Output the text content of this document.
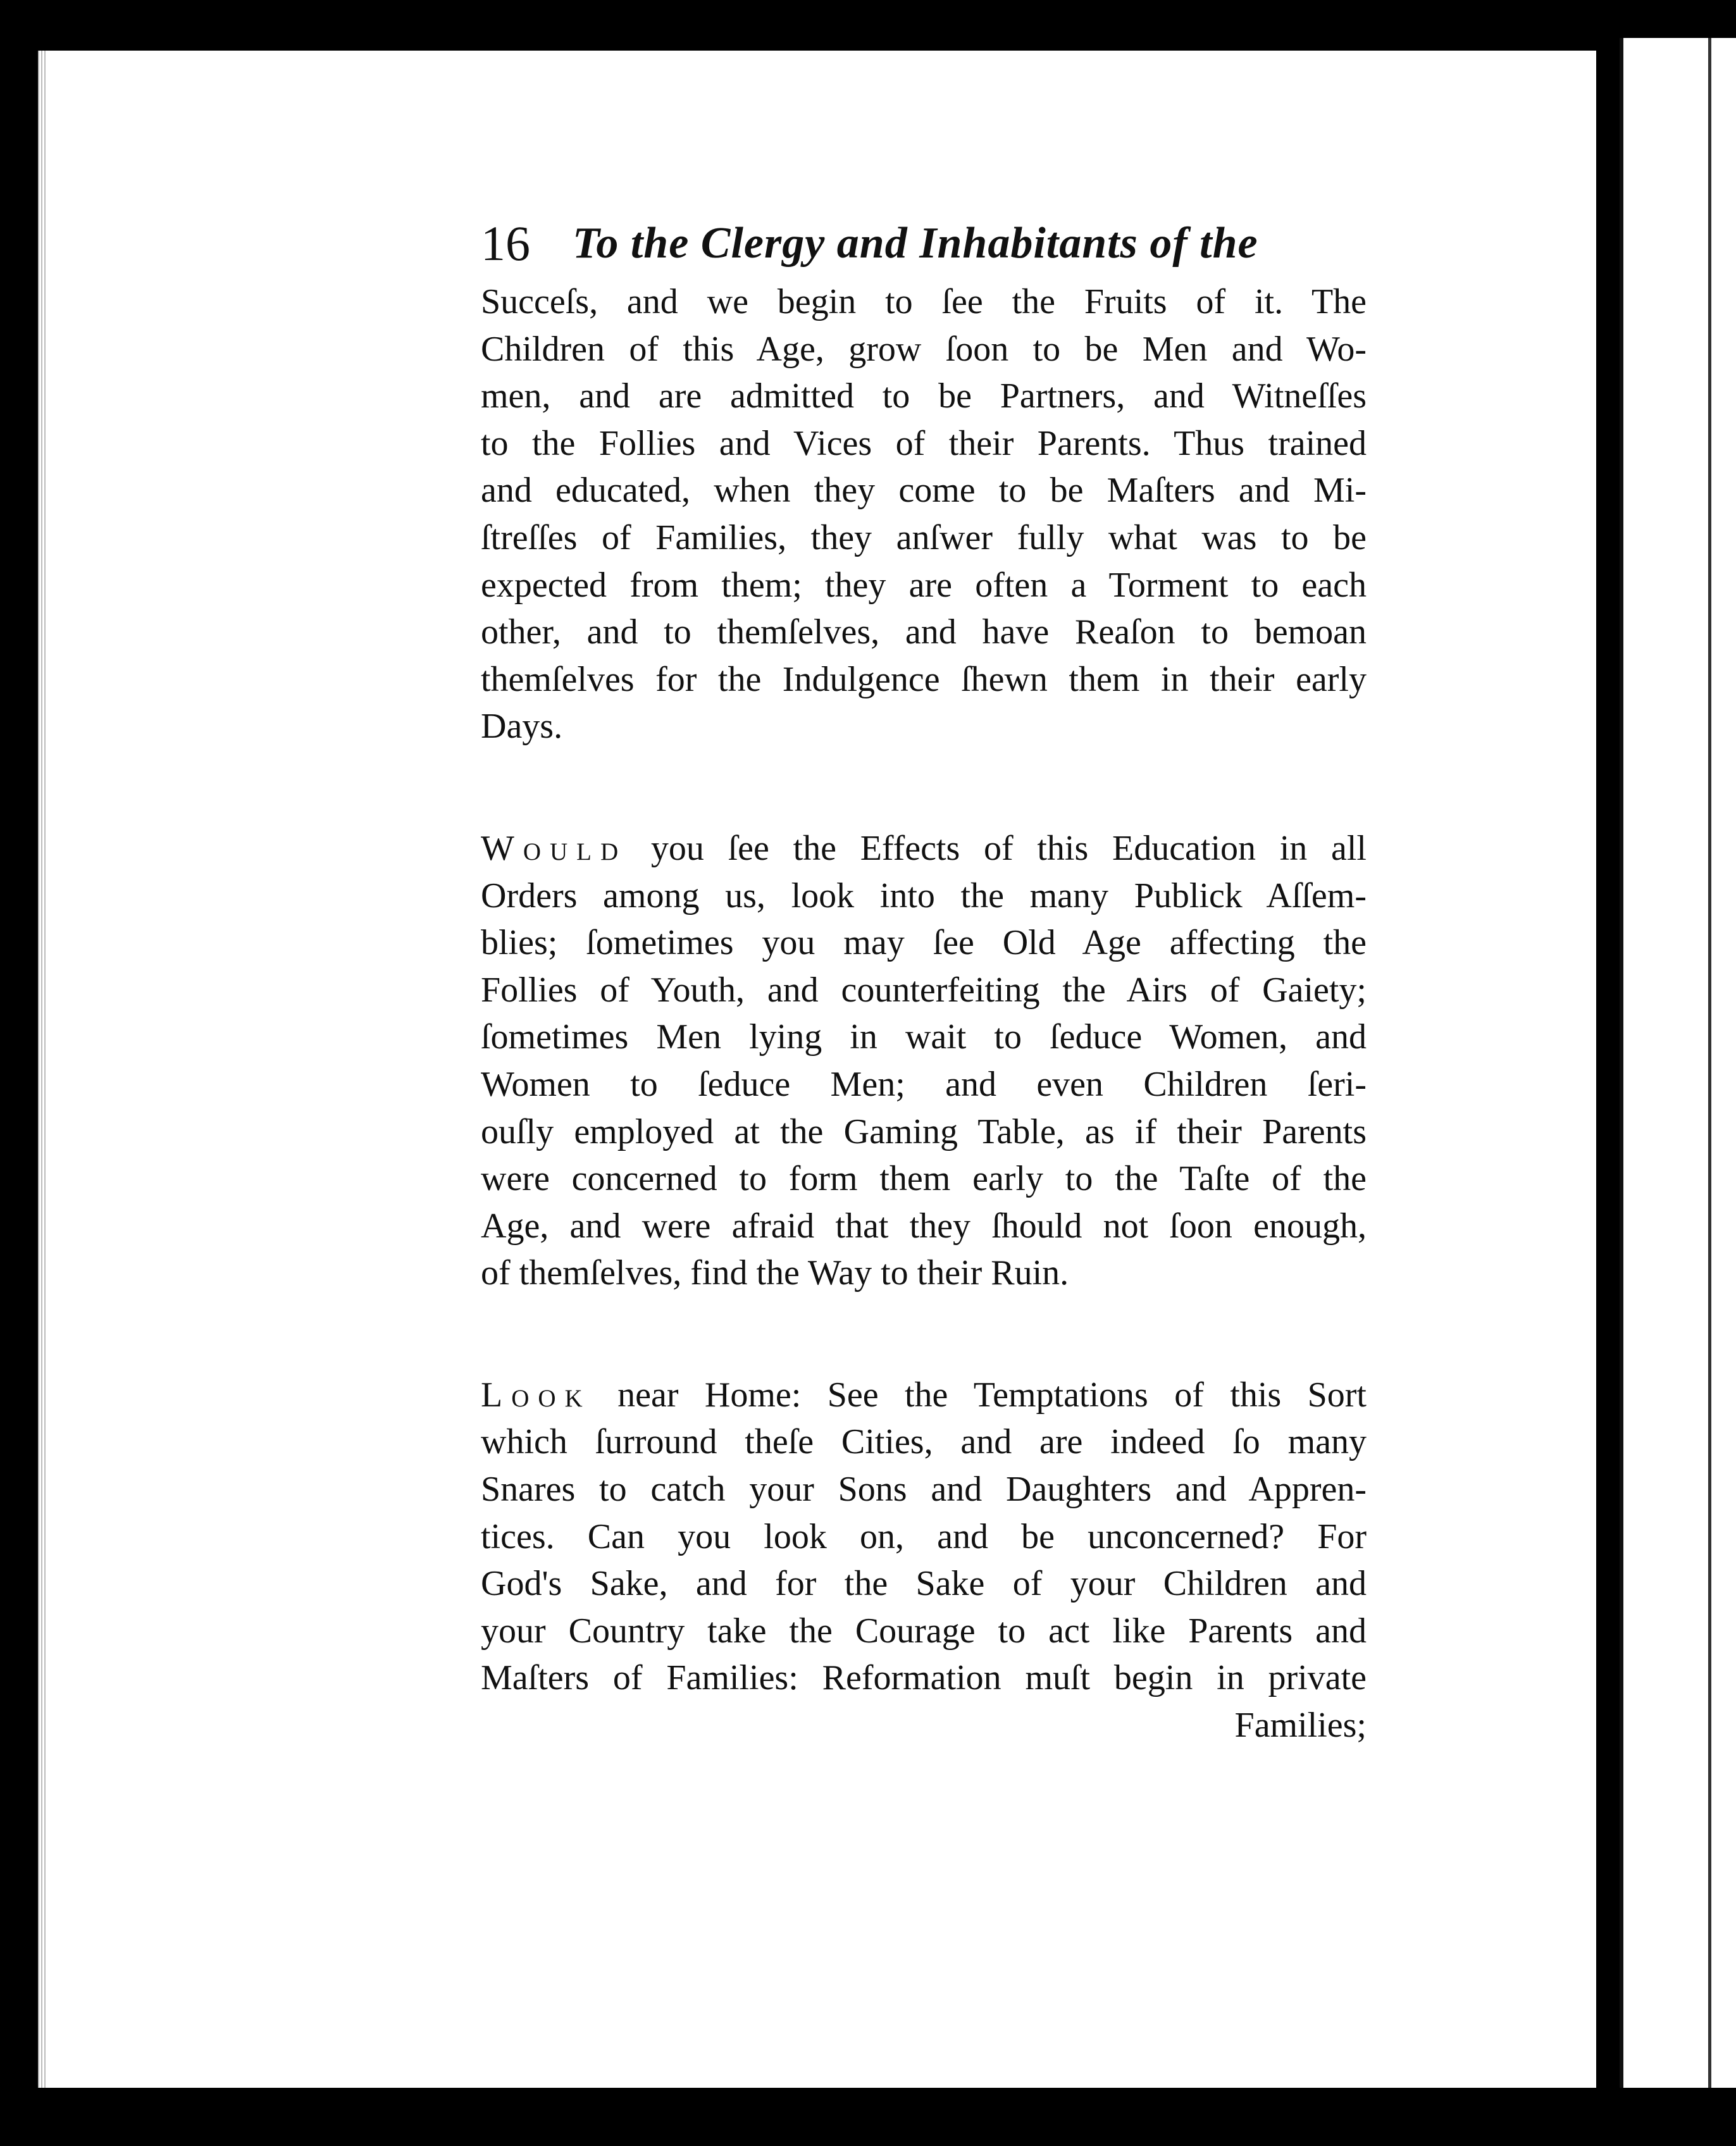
16 To the Clergy and Inhabitants of the
Succeſs, and we begin to ſee the Fruits of it. The
Children of this Age, grow ſoon to be Men and Wo-
men, and are admitted to be Partners, and Witneſſes
to the Follies and Vices of their Parents. Thus trained
and educated, when they come to be Maſters and Mi-
ſtreſſes of Families, they anſwer fully what was to be
expected from them; they are often a Torment to each
other, and to themſelves, and have Reaſon to bemoan
themſelves for the Indulgence ſhewn them in their early
Days.
Would you ſee the Effects of this Education in all
Orders among us, look into the many Publick Aſſem-
blies; ſometimes you may ſee Old Age affecting the
Follies of Youth, and counterfeiting the Airs of Gaiety;
ſometimes Men lying in wait to ſeduce Women, and
Women to ſeduce Men; and even Children ſeri-
ouſly employed at the Gaming Table, as if their Parents
were concerned to form them early to the Taſte of the
Age, and were afraid that they ſhould not ſoon enough,
of themſelves, find the Way to their Ruin.
Look near Home: See the Temptations of this Sort
which ſurround theſe Cities, and are indeed ſo many
Snares to catch your Sons and Daughters and Appren-
tices. Can you look on, and be unconcerned? For
God's Sake, and for the Sake of your Children and
your Country take the Courage to act like Parents and
Maſters of Families: Reformation muſt begin in private
Families;
